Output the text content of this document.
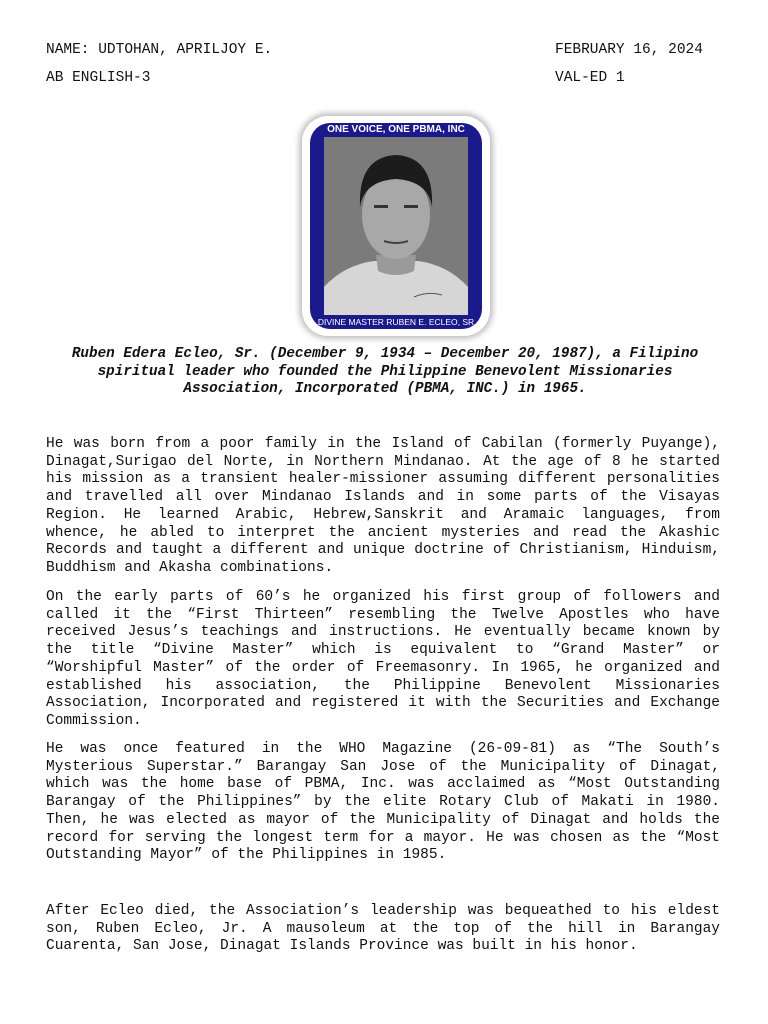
NAME: UDTOHAN, APRILJOY E.	FEBRUARY 16, 2024
AB ENGLISH-3	VAL-ED 1
ONE VOICE, ONE PBMA, INC
DIVINE MASTER RUBEN E. ECLEO, SR

Ruben Edera Ecleo, Sr. (December 9, 1934 – December 20, 1987), a Filipino spiritual leader who founded the Philippine Benevolent Missionaries Association, Incorporated (PBMA, INC.) in 1965.

He was born from a poor family in the Island of Cabilan (formerly Puyange), Dinagat,Surigao del Norte, in Northern Mindanao. At the age of 8 he started his mission as a transient healer-missioner assuming different personalities and travelled all over Mindanao Islands and in some parts of the Visayas Region. He learned Arabic, Hebrew,Sanskrit and Aramaic languages, from whence, he abled to interpret the ancient mysteries and read the Akashic Records and taught a different and unique doctrine of Christianism, Hinduism, Buddhism and Akasha combinations.

On the early parts of 60’s he organized his first group of followers and called it the “First Thirteen” resembling the Twelve Apostles who have received Jesus’s teachings and instructions. He eventually became known by the title “Divine Master” which is equivalent to “Grand Master” or “Worshipful Master” of the order of Freemasonry. In 1965, he organized and established his association, the Philippine Benevolent Missionaries Association, Incorporated and registered it with the Securities and Exchange Commission.

He was once featured in the WHO Magazine (26-09-81) as “The South’s Mysterious Superstar.” Barangay San Jose of the Municipality of Dinagat, which was the home base of PBMA, Inc. was acclaimed as “Most Outstanding Barangay of the Philippines” by the elite Rotary Club of Makati in 1980. Then, he was elected as mayor of the Municipality of Dinagat and holds the record for serving the longest term for a mayor. He was chosen as the “Most Outstanding Mayor” of the Philippines in 1985.

After Ecleo died, the Association’s leadership was bequeathed to his eldest son, Ruben Ecleo, Jr. A mausoleum at the top of the hill in Barangay Cuarenta, San Jose, Dinagat Islands Province was built in his honor.
